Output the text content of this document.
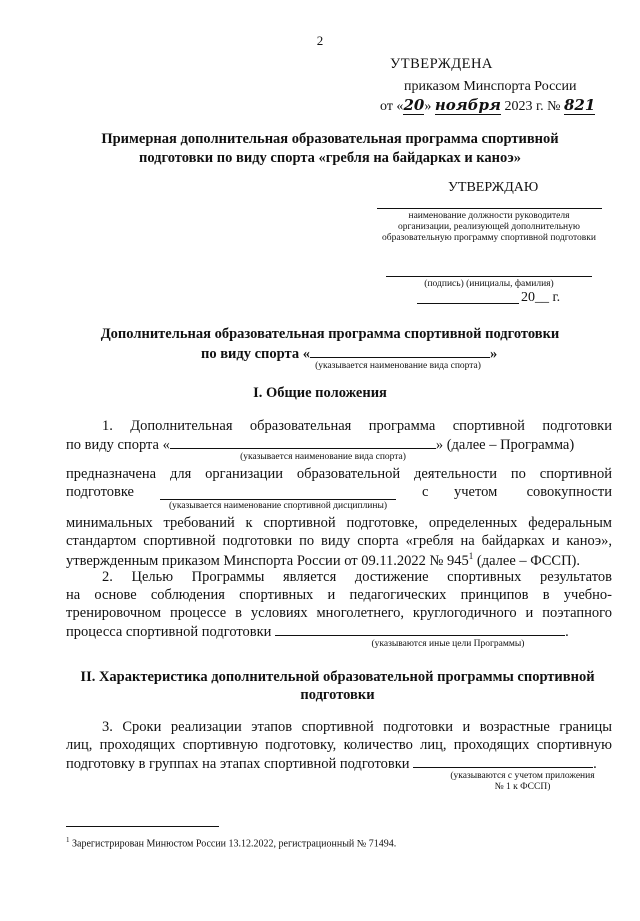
2
УТВЕРЖДЕНА
приказом Минспорта России
от «20» ноября 2023 г. № 821
Примерная дополнительная образовательная программа спортивной
подготовки по виду спорта «гребля на байдарках и каноэ»
УТВЕРЖДАЮ
наименование должности руководителя
организации, реализующей дополнительную
образовательную программу спортивной подготовки
(подпись) (инициалы, фамилия)
20__ г.
Дополнительная образовательная программа спортивной подготовки
по виду спорта «	»
(указывается наименование вида спорта)
I. Общие положения
1. Дополнительная образовательная программа спортивной подготовки
по виду спорта «	» (далее – Программа)
(указывается наименование вида спорта)
предназначена для организации образовательной деятельности по спортивной
подготовке	с учетом совокупности
(указывается наименование спортивной дисциплины)
минимальных требований к спортивной подготовке, определенных федеральным
стандартом спортивной подготовки по виду спорта «гребля на байдарках и каноэ»,
утвержденным приказом Минспорта России от 09.11.2022 № $945^1$ (далее – ФССП).
2. Целью Программы является достижение спортивных результатов
на основе соблюдения спортивных и педагогических принципов в учебно-
тренировочном процессе в условиях многолетнего, круглогодичного и поэтапного
процесса спортивной подготовки	.
(указываются иные цели Программы)
II. Характеристика дополнительной образовательной программы спортивной
подготовки
3. Сроки реализации этапов спортивной подготовки и возрастные границы
лиц, проходящих спортивную подготовку, количество лиц, проходящих спортивную
подготовку в группах на этапах спортивной подготовки	.
(указываются с учетом приложения
№ 1 к ФССП)
$^1$ Зарегистрирован Минюстом России 13.12.2022, регистрационный № 71494.
